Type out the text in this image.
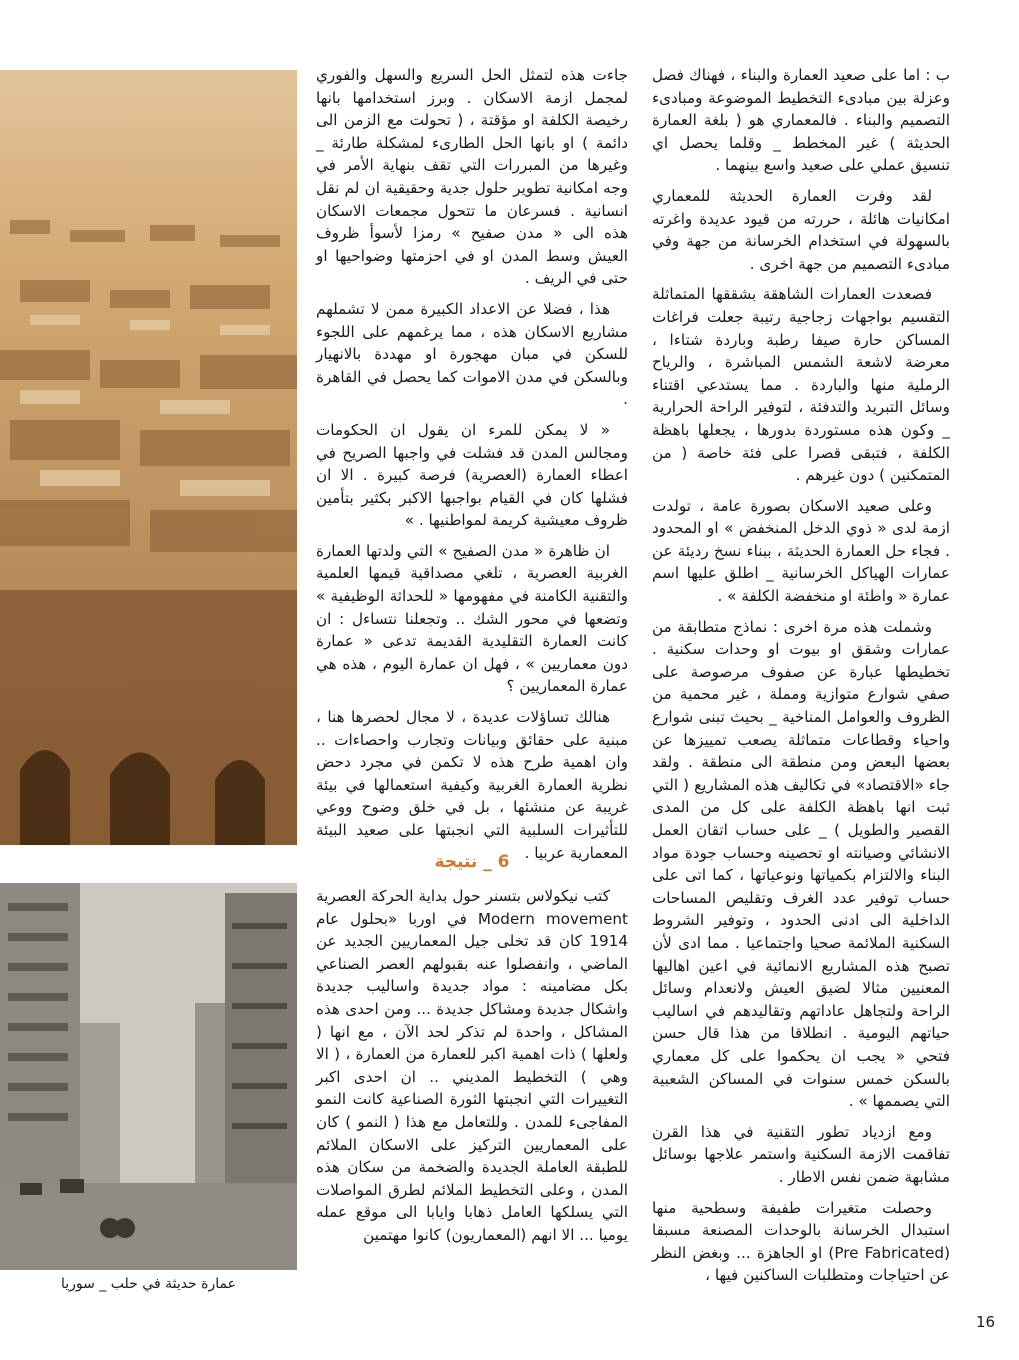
عمارة حديثة في حلب _ سوريا

ب : اما على صعيد العمارة والبناء ، فهناك فصل وعزلة بين مبادىء التخطيط الموضوعة ومبادىء التصميم والبناء . فالمعماري هو ( بلغة العمارة الحديثة ) غير المخطط _ وقلما يحصل اي تنسيق عملي على صعيد واسع بينهما .

لقد وفرت العمارة الحديثة للمعماري امكانيات هائلة ، حررته من قيود عديدة واغرته بالسهولة في استخدام الخرسانة من جهة وفي مبادىء التصميم من جهة اخرى .

فصعدت العمارات الشاهقة بشققها المتماثلة التقسيم بواجهات زجاجية رتيبة جعلت فراغات المساكن حارة صيفا رطبة وباردة شتاءا ، معرضة لاشعة الشمس المباشرة ، والرياح الرملية منها والباردة . مما يستدعي اقتناء وسائل التبريد والتدفئة ، لتوفير الراحة الحرارية _ وكون هذه مستوردة بدورها ، يجعلها باهظة الكلفة ، فتبقى قصرا على فئة خاصة ( من المتمكنين ) دون غيرهم .

وعلى صعيد الاسكان بصورة عامة ، تولدت ازمة لدى « ذوي الدخل المنخفض » او المحدود . فجاء حل العمارة الحديثة ، ببناء نسخ رديئة عن عمارات الهياكل الخرسانية _ اطلق عليها اسم عمارة « واطئة او منخفضة الكلفة » .

وشملت هذه مرة اخرى : نماذج متطابقة من عمارات وشقق او بيوت او وحدات سكنية . تخطيطها عبارة عن صفوف مرصوصة على صفي شوارع متوازية ومملة ، غير محمية من الظروف والعوامل المناخية _ بحيث تبنى شوارع واحياء وقطاعات متماثلة يصعب تمييزها عن بعضها البعض ومن منطقة الى منطقة . ولقد جاء «الاقتصاد» في تكاليف هذه المشاريع ( التي ثبت انها باهظة الكلفة على كل من المدى القصير والطويل ) _ على حساب اتقان العمل الانشائي وصيانته او تحصينه وحساب جودة مواد البناء والالتزام بكمياتها ونوعياتها ، كما اتى على حساب توفير عدد الغرف وتقليص المساحات الداخلية الى ادنى الحدود ، وتوفير الشروط السكنية الملائمة صحيا واجتماعيا . مما ادى لأن تصبح هذه المشاريع الانمائية في اعين اهاليها المعنيين مثالا لضيق العيش ولانعدام وسائل الراحة ولتجاهل عاداتهم وتقاليدهم في اساليب حياتهم اليومية . انطلاقا من هذا قال حسن فتحي « يجب ان يحكموا على كل معماري بالسكن خمس سنوات في المساكن الشعبية التي يصممها » .

ومع ازدياد تطور التقنية في هذا القرن تفاقمت الازمة السكنية واستمر علاجها بوسائل مشابهة ضمن نفس الاطار .

وحصلت متغيرات طفيفة وسطحية منها استبدال الخرسانة بالوحدات المصنعة مسبقا (Pre Fabricated) او الجاهزة ... وبغض النظر عن احتياجات ومتطلبات الساكنين فيها ،

جاءت هذه لتمثل الحل السريع والسهل والفوري لمجمل ازمة الاسكان . وبرز استخدامها بانها رخيصة الكلفة او مؤقتة ، ( تحولت مع الزمن الى دائمة ) او بانها الحل الطارىء لمشكلة طارئة _ وغيرها من المبررات التي تقف بنهاية الأمر في وجه امكانية تطوير حلول جدية وحقيقية ان لم نقل انسانية . فسرعان ما تتحول مجمعات الاسكان هذه الى « مدن صفيح » رمزا لأسوأ ظروف العيش وسط المدن او في احزمتها وضواحيها او حتى في الريف .

هذا ، فضلا عن الاعداد الكبيرة ممن لا تشملهم مشاريع الاسكان هذه ، مما يرغمهم على اللجوء للسكن في مبان مهجورة او مهددة بالانهيار وبالسكن في مدن الاموات كما يحصل في القاهرة .

« لا يمكن للمرء ان يقول ان الحكومات ومجالس المدن قد فشلت في واجبها الصريح في اعطاء العمارة (العصرية) فرصة كبيرة . الا ان فشلها كان في القيام بواجبها الاكبر بكثير بتأمين ظروف معيشية كريمة لمواطنيها . »

ان ظاهرة « مدن الصفيح » التي ولدتها العمارة الغربية العصرية ، تلغي مصداقية قيمها العلمية والتقنية الكامنة في مفهومها « للحداثة الوظيفية » وتضعها في محور الشك .. وتجعلنا نتساءل : ان كانت العمارة التقليدية القديمة تدعى « عمارة دون معماريين » ، فهل ان عمارة اليوم ، هذه هي عمارة المعماريين ؟

هنالك تساؤلات عديدة ، لا مجال لحصرها هنا ، مبنية على حقائق وبيانات وتجارب واحصاءات .. وان اهمية طرح هذه لا تكمن في مجرد دحض نظرية العمارة الغربية وكيفية استعمالها في بيئة غريبة عن منشئها ، بل في خلق وضوح ووعي للتأثيرات السلبية التي انجبتها على صعيد البيئة المعمارية عربيا .

6 _ نتيجة

كتب نيكولاس بتسنر حول بداية الحركة العصرية Modern movement في اوربا «بحلول عام 1914 كان قد تخلى جيل المعماريين الجديد عن الماضي ، وانفصلوا عنه بقبولهم العصر الصناعي بكل مضامينه : مواد جديدة واساليب جديدة واشكال جديدة ومشاكل جديدة ... ومن احدى هذه المشاكل ، واحدة لم تذكر لحد الآن ، مع انها ( ولعلها ) ذات اهمية اكبر للعمارة من العمارة ، ( الا وهي ) التخطيط المديني .. ان احدى اكبر التغييرات التي انجبتها الثورة الصناعية كانت النمو المفاجىء للمدن . وللتعامل مع هذا ( النمو ) كان على المعماريين التركيز على الاسكان الملائم للطبقة العاملة الجديدة والضخمة من سكان هذه المدن ، وعلى التخطيط الملائم لطرق المواصلات التي يسلكها العامل ذهابا وايابا الى موقع عمله يوميا ... الا انهم (المعماريون) كانوا مهتمين

16
